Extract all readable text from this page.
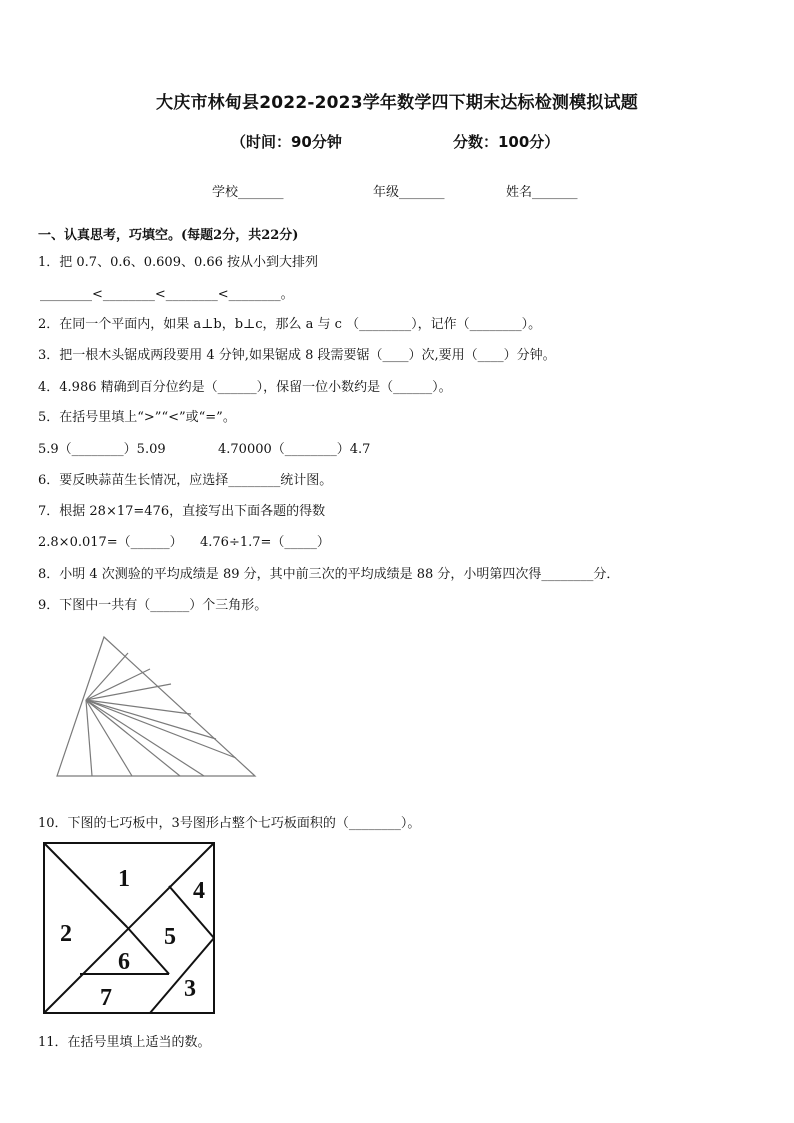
大庆市林甸县2022-2023学年数学四下期末达标检测模拟试题
（时间：90分钟	分数：100分）
学校_______	年级_______	姓名_______
一、认真思考，巧填空。(每题2分，共22分)
1．把 0.7、0.6、0.609、0.66 按从小到大排列
________<________<________<________。
2．在同一个平面内，如果 a⊥b，b⊥c，那么 a 与 c （________），记作（________）。
3．把一根木头锯成两段要用 4 分钟,如果锯成 8 段需要锯（____）次,要用（____）分钟。
4．4.986 精确到百分位约是（______），保留一位小数约是（______）。
5．在括号里填上“>”“<”或“=”。
5.9（________）5.09	4.70000（________）4.7
6．要反映蒜苗生长情况，应选择________统计图。
7．根据 28×17=476，直接写出下面各题的得数
2.8×0.017=（______） 4.76÷1.7=（_____）
8．小明 4 次测验的平均成绩是 89 分，其中前三次的平均成绩是 88 分，小明第四次得________分．
9．下图中一共有（______）个三角形。
10．下图的七巧板中，3号图形占整个七巧板面积的（________）。
1
2
3
4
5
6
7
11．在括号里填上适当的数。
